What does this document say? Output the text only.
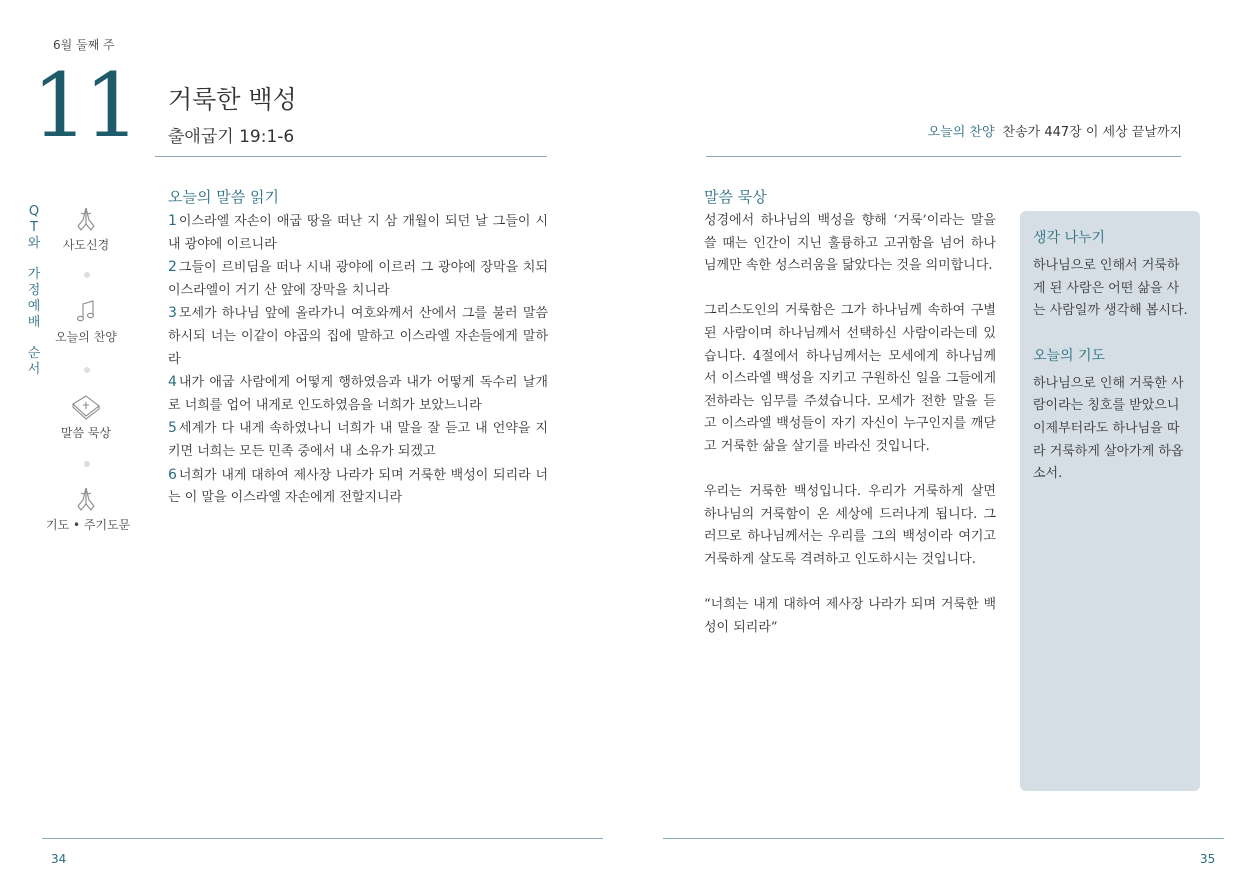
6월 둘째 주
11 거룩한 백성
출애굽기 19:1-6
Q
T
와
가
정
예
배
순
서
사도신경
오늘의 찬양
말씀 묵상
기도 • 주기도문
오늘의 말씀 읽기
1 이스라엘 자손이 애굽 땅을 떠난 지 삼 개월이 되던 날 그들이 시내 광야에 이르니라
2 그들이 르비딤을 떠나 시내 광야에 이르러 그 광야에 장막을 치되 이스라엘이 거기 산 앞에 장막을 치니라
3 모세가 하나님 앞에 올라가니 여호와께서 산에서 그를 불러 말씀하시되 너는 이같이 야곱의 집에 말하고 이스라엘 자손들에게 말하라
4 내가 애굽 사람에게 어떻게 행하였음과 내가 어떻게 독수리 날개로 너희를 업어 내게로 인도하였음을 너희가 보았느니라
5 세계가 다 내게 속하였나니 너희가 내 말을 잘 듣고 내 언약을 지키면 너희는 모든 민족 중에서 내 소유가 되겠고
6 너희가 내게 대하여 제사장 나라가 되며 거룩한 백성이 되리라 너는 이 말을 이스라엘 자손에게 전할지니라
34
오늘의 찬양 찬송가 447장 이 세상 끝날까지
말씀 묵상

성경에서 하나님의 백성을 향해 ‘거룩’이라는 말을 쓸 때는 인간이 지닌 훌륭하고 고귀함을 넘어 하나님께만 속한 성스러움을 닮았다는 것을 의미합니다.

그리스도인의 거룩함은 그가 하나님께 속하여 구별된 사람이며 하나님께서 선택하신 사람이라는데 있습니다. 4절에서 하나님께서는 모세에게 하나님께서 이스라엘 백성을 지키고 구원하신 일을 그들에게 전하라는 임무를 주셨습니다. 모세가 전한 말을 듣고 이스라엘 백성들이 자기 자신이 누구인지를 깨닫고 거룩한 삶을 살기를 바라신 것입니다.

우리는 거룩한 백성입니다. 우리가 거룩하게 살면 하나님의 거룩함이 온 세상에 드러나게 됩니다. 그러므로 하나님께서는 우리를 그의 백성이라 여기고 거룩하게 살도록 격려하고 인도하시는 것입니다.

“너희는 내게 대하여 제사장 나라가 되며 거룩한 백성이 되리라”

생각 나누기
하나님으로 인해서 거룩하게 된 사람은 어떤 삶을 사는 사람일까 생각해 봅시다.
오늘의 기도
하나님으로 인해 거룩한 사람이라는 칭호를 받았으니 이제부터라도 하나님을 따라 거룩하게 살아가게 하옵소서.
35
